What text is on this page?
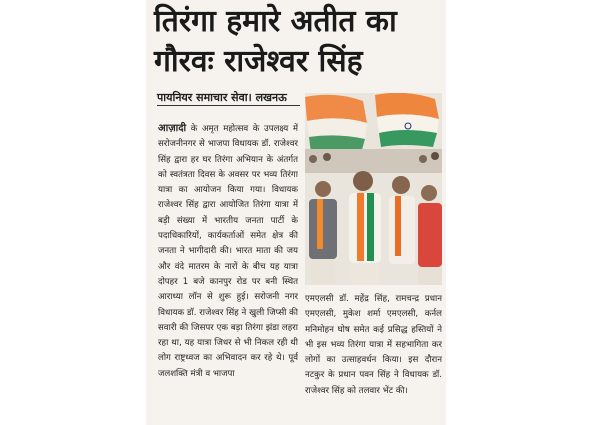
तिरंगा हमारे अतीत का
गौरवः राजेश्वर सिंह
पायनियर समाचार सेवा। लखनऊ

आज़ादी के अमृत महोत्सव के उपलक्ष्य में सरोजनीनगर से भाजपा विधायक डॉ. राजेश्वर सिंह द्वारा हर घर तिरंगा अभियान के अंतर्गत को स्वतंत्रता दिवस के अवसर पर भव्य तिरंगा यात्रा का आयोजन किया गया। विधायक राजेश्वर सिंह द्वारा आयोजित तिरंगा यात्रा में बड़ी संख्या में भारतीय जनता पार्टी के पदाधिकारियों, कार्यकर्ताओं समेत क्षेत्र की जनता ने भागीदारी की। भारत माता की जय और वंदे मातरम के नारों के बीच यह यात्रा दोपहर 1 बजे कानपुर रोड पर बनी स्थित आराध्या लॉन से शुरू हुई। सरोजनी नगर विधायक डॉ. राजेश्वर सिंह ने खुली जिप्सी की सवारी की जिसपर एक बड़ा तिरंगा झंडा लहरा रहा था, यह यात्रा जिधर से भी निकल रही थी लोग राष्ट्रध्वज का अभिवादन कर रहे थे। पूर्व जलशक्ति मंत्री व भाजपा

एमएलसी डॉ. महेंद्र सिंह, रामचन्द्र प्रधान एमएलसी, मुकेश शर्मा एमएलसी, कर्नल मनिमोहन घोष समेत कई प्रसिद्ध हस्तियों ने भी इस भव्य तिरंगा यात्रा में सहभागिता कर लोगों का उत्साहवर्धन किया। इस दौरान नटकुर के प्रधान पवन सिंह ने विधायक डॉ. राजेश्वर सिंह को तलवार भेंट की।
